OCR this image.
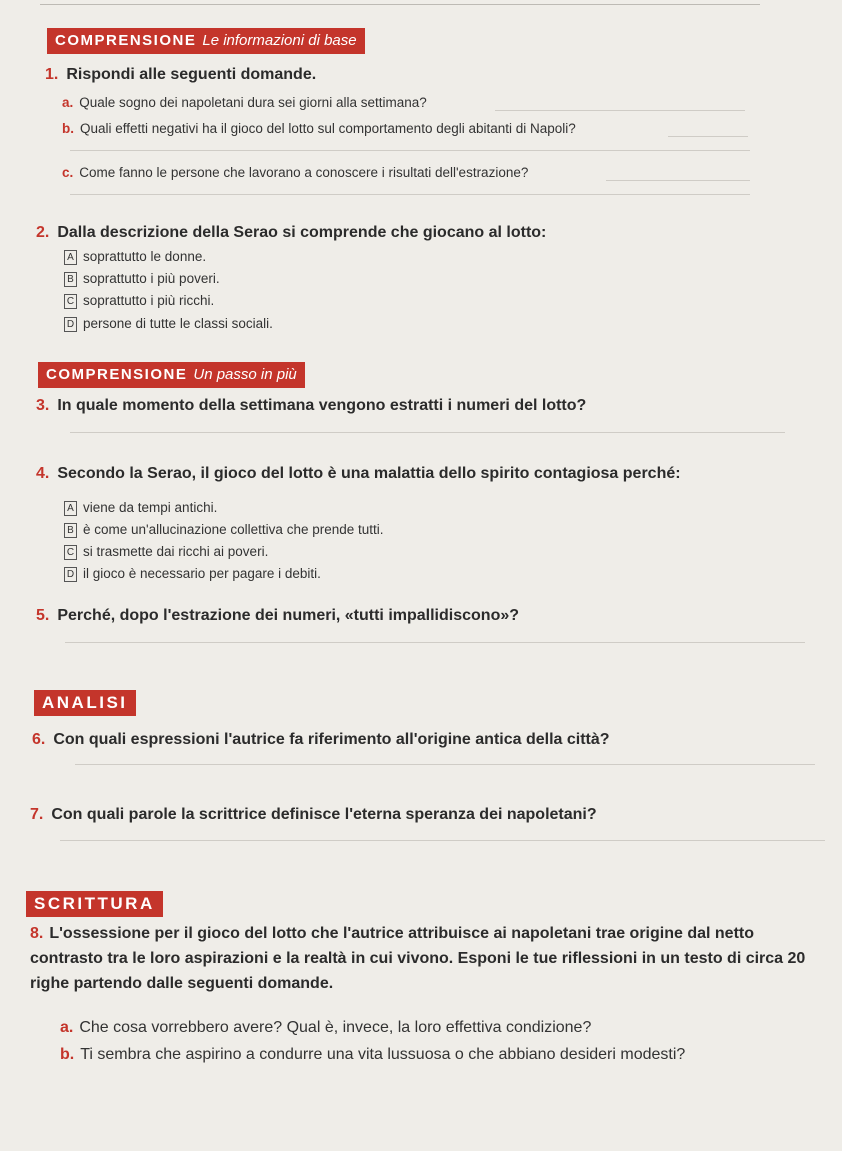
COMPRENSIONE Le informazioni di base
1. Rispondi alle seguenti domande.
a. Quale sogno dei napoletani dura sei giorni alla settimana?
b. Quali effetti negativi ha il gioco del lotto sul comportamento degli abitanti di Napoli?
c. Come fanno le persone che lavorano a conoscere i risultati dell'estrazione?
2. Dalla descrizione della Serao si comprende che giocano al lotto:
A soprattutto le donne.
B soprattutto i più poveri.
C soprattutto i più ricchi.
D persone di tutte le classi sociali.
COMPRENSIONE Un passo in più
3. In quale momento della settimana vengono estratti i numeri del lotto?
4. Secondo la Serao, il gioco del lotto è una malattia dello spirito contagiosa perché:
A viene da tempi antichi.
B è come un'allucinazione collettiva che prende tutti.
C si trasmette dai ricchi ai poveri.
D il gioco è necessario per pagare i debiti.
5. Perché, dopo l'estrazione dei numeri, «tutti impallidiscono»?
ANALISI
6. Con quali espressioni l'autrice fa riferimento all'origine antica della città?
7. Con quali parole la scrittrice definisce l'eterna speranza dei napoletani?
SCRITTURA
8. L'ossessione per il gioco del lotto che l'autrice attribuisce ai napoletani trae origine dal netto contrasto tra le loro aspirazioni e la realtà in cui vivono. Esponi le tue riflessioni in un testo di circa 20 righe partendo dalle seguenti domande.
a. Che cosa vorrebbero avere? Qual è, invece, la loro effettiva condizione?
b. Ti sembra che aspirino a condurre una vita lussuosa o che abbiano desideri modesti?
